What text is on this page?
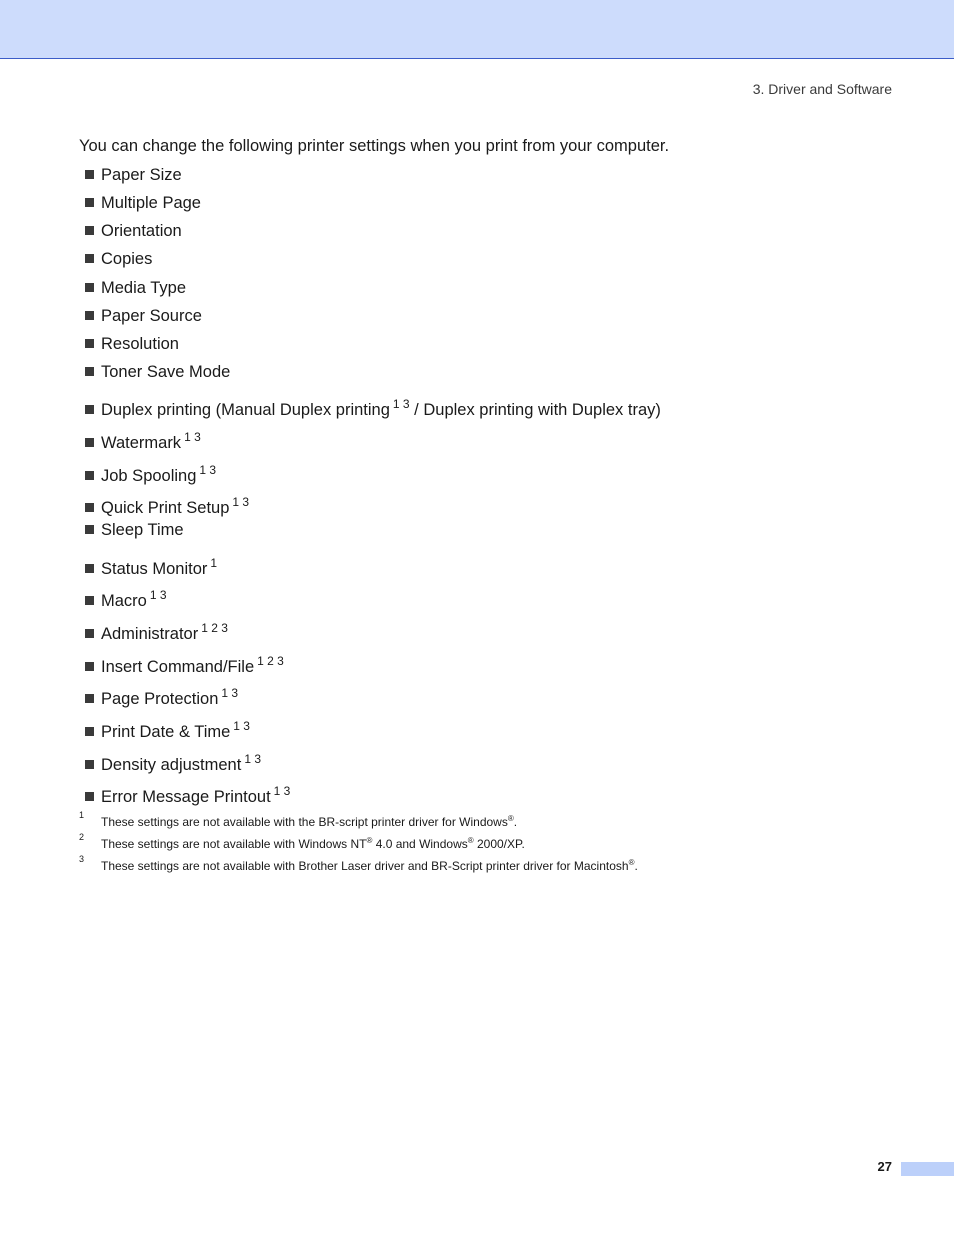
3. Driver and Software

You can change the following printer settings when you print from your computer.

Paper Size
Multiple Page
Orientation
Copies
Media Type
Paper Source
Resolution
Toner Save Mode
Duplex printing (Manual Duplex printing $^{1 3}$ / Duplex printing with Duplex tray)
Watermark $^{1 3}$
Job Spooling $^{1 3}$
Quick Print Setup $^{1 3}$
Sleep Time
Status Monitor $^1$
Macro $^{1 3}$
Administrator $^{1 2 3}$
Insert Command/File $^{1 2 3}$
Page Protection $^{1 3}$
Print Date & Time $^{1 3}$
Density adjustment $^{1 3}$
Error Message Printout $^{1 3}$
1 These settings are not available with the BR-script printer driver for Windows®.
2 These settings are not available with Windows NT® 4.0 and Windows® 2000/XP.
3 These settings are not available with Brother Laser driver and BR-Script printer driver for Macintosh®.
27
